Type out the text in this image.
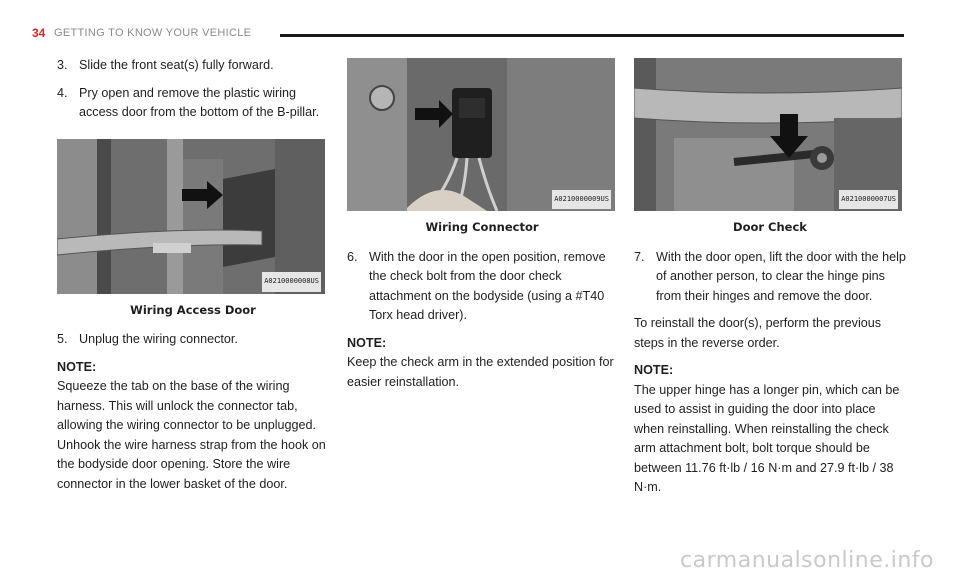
34 GETTING TO KNOW YOUR VEHICLE
3. Slide the front seat(s) fully forward.
4. Pry open and remove the plastic wiring access door from the bottom of the B-pillar.
A0210000008US
Wiring Access Door
5. Unplug the wiring connector.
NOTE:

Squeeze the tab on the base of the wiring harness. This will unlock the connector tab, allowing the wiring connector to be unplugged. Unhook the wire harness strap from the hook on the bodyside door opening. Store the wire connector in the lower basket of the door.

A0210000009US
Wiring Connector
6. With the door in the open position, remove the check bolt from the door check attachment on the bodyside (using a #T40 Torx head driver).
NOTE:

Keep the check arm in the extended position for easier reinstallation.

A0210000007US
Door Check
7. With the door open, lift the door with the help of another person, to clear the hinge pins from their hinges and remove the door.

To reinstall the door(s), perform the previous steps in the reverse order.

NOTE:

The upper hinge has a longer pin, which can be used to assist in guiding the door into place when reinstalling. When reinstalling the check arm attachment bolt, bolt torque should be between 11.76 ft·lb / 16 N·m and 27.9 ft·lb / 38 N·m.

carmanualsonline.info
